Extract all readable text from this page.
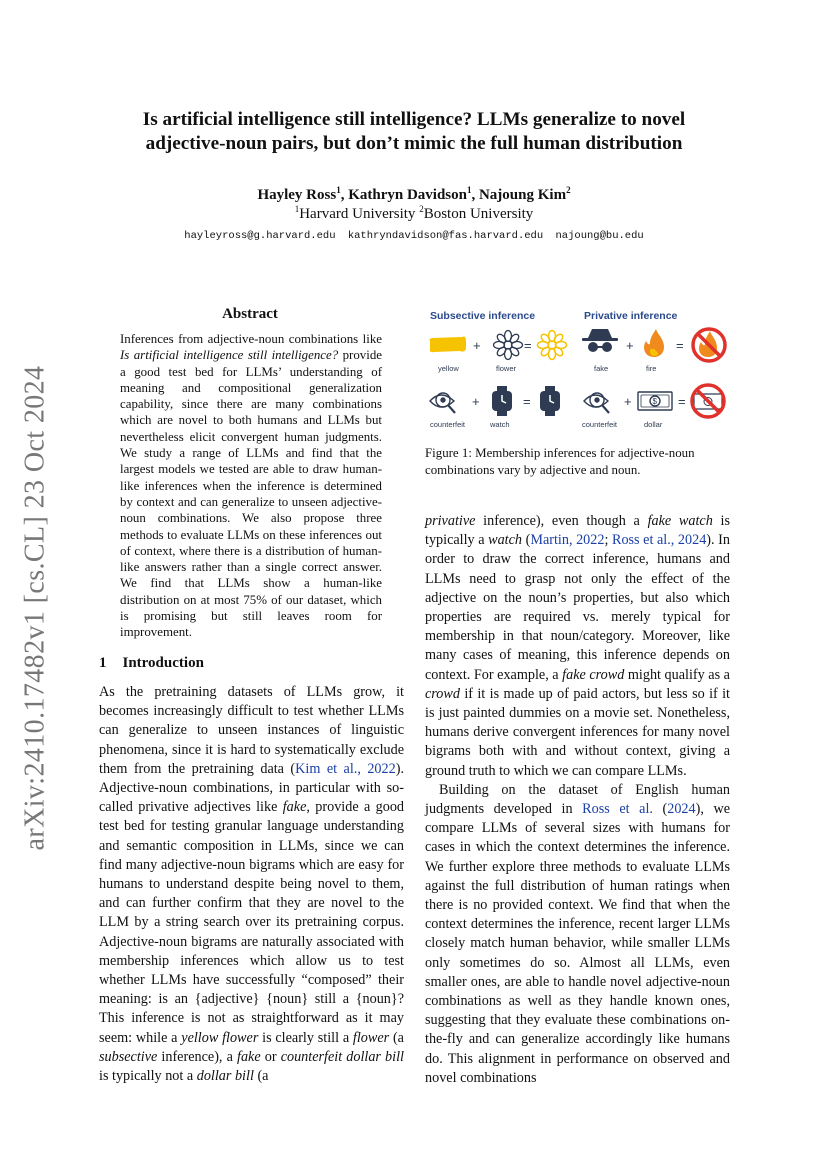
arXiv:2410.17482v1 [cs.CL] 23 Oct 2024
Is artificial intelligence still intelligence? LLMs generalize to novel
adjective-noun pairs, but don’t mimic the full human distribution
Hayley Ross$^1$, Kathryn Davidson$^1$, Najoung Kim$^2$
$^1$Harvard University $^2$Boston University
hayleyross@g.harvard.edu kathryndavidson@fas.harvard.edu najoung@bu.edu
Abstract
Inferences from adjective-noun combinations like Is artificial intelligence still intelligence? provide a good test bed for LLMs’ understanding of meaning and compositional generalization capability, since there are many combinations which are novel to both humans and LLMs but nevertheless elicit convergent human judgments. We study a range of LLMs and find that the largest models we tested are able to draw human-like inferences when the inference is determined by context and can generalize to unseen adjective-noun combinations. We also propose three methods to evaluate LLMs on these inferences out of context, where there is a distribution of human-like answers rather than a single correct answer. We find that LLMs show a human-like distribution on at most 75% of our dataset, which is promising but still leaves room for improvement.
1 Introduction

As the pretraining datasets of LLMs grow, it becomes increasingly difficult to test whether LLMs can generalize to unseen instances of linguistic phenomena, since it is hard to systematically exclude them from the pretraining data (Kim et al., 2022). Adjective-noun combinations, in particular with so-called privative adjectives like fake, provide a good test bed for testing granular language understanding and semantic composition in LLMs, since we can find many adjective-noun bigrams which are easy for humans to understand despite being novel to them, and can further confirm that they are novel to the LLM by a string search over its pretraining corpus. Adjective-noun bigrams are naturally associated with membership inferences which allow us to test whether LLMs have successfully “composed” their meaning: is an {adjective} {noun} still a {noun}? This inference is not as straightforward as it may seem: while a yellow flower is clearly still a flower (a subsective inference), a fake or counterfeit dollar bill is typically not a dollar bill (a

Subsective inference	Privative inference
+	=	+	=
yellow	flower	fake	fire
+	=	+	$ =
counterfeit	watch	counterfeit	dollar
Figure 1: Membership inferences for adjective-noun combinations vary by adjective and noun.

privative inference), even though a fake watch is typically a watch (Martin, 2022; Ross et al., 2024). In order to draw the correct inference, humans and LLMs need to grasp not only the effect of the adjective on the noun’s properties, but also which properties are required vs. merely typical for membership in that noun/category. Moreover, like many cases of meaning, this inference depends on context. For example, a fake crowd might qualify as a crowd if it is made up of paid actors, but less so if it is just painted dummies on a movie set. Nonetheless, humans derive convergent inferences for many novel bigrams both with and without context, giving a ground truth to which we can compare LLMs.

Building on the dataset of English human judgments developed in Ross et al. (2024), we compare LLMs of several sizes with humans for cases in which the context determines the inference. We further explore three methods to evaluate LLMs against the full distribution of human ratings when there is no provided context. We find that when the context determines the inference, recent larger LLMs closely match human behavior, while smaller LLMs only sometimes do so. Almost all LLMs, even smaller ones, are able to handle novel adjective-noun combinations as well as they handle known ones, suggesting that they evaluate these combinations on-the-fly and can generalize accordingly like humans do. This alignment in performance on observed and novel combinations
